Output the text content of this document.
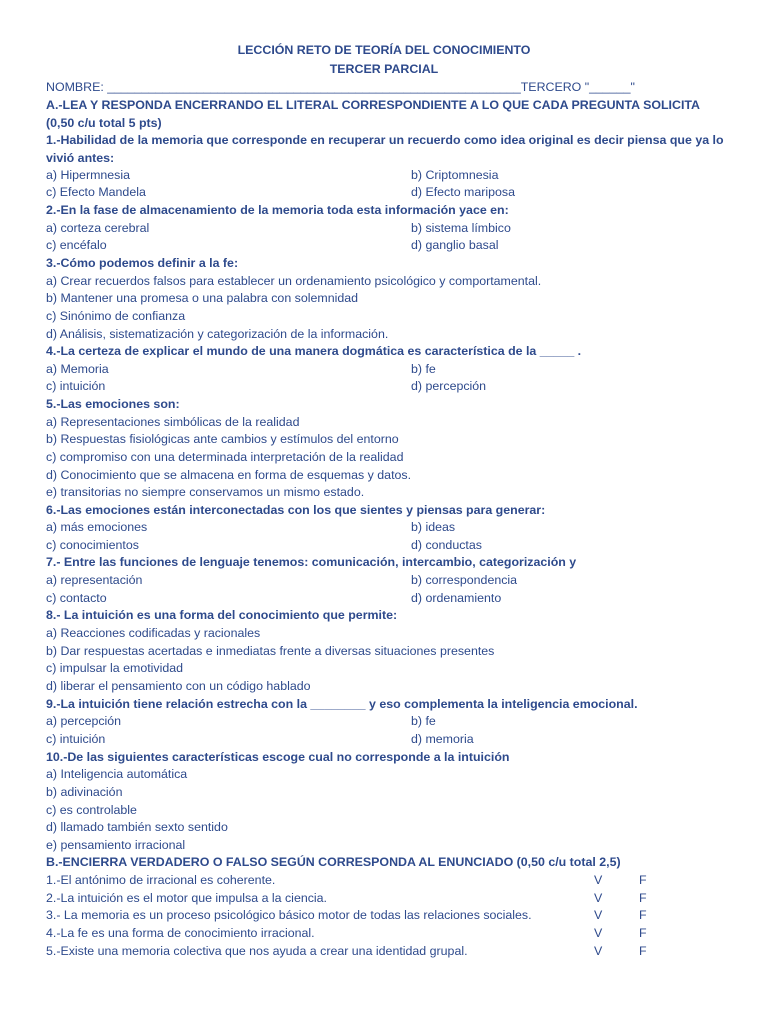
LECCIÓN RETO DE TEORÍA DEL CONOCIMIENTO
TERCER PARCIAL
NOMBRE: ____________________________________________________________TERCERO "______"
A.-LEA Y RESPONDA ENCERRANDO EL LITERAL CORRESPONDIENTE A LO QUE CADA PREGUNTA SOLICITA (0,50 c/u total 5 pts)
1.-Habilidad de la memoria que corresponde en recuperar un recuerdo como idea original es decir piensa que ya lo vivió antes:
a) Hipermnesia	b) Criptomnesia
c) Efecto Mandela	d) Efecto mariposa
2.-En la fase de almacenamiento de la memoria toda esta información yace en:
a) corteza cerebral	b) sistema límbico
c) encéfalo	d) ganglio basal
3.-Cómo podemos definir a la fe:
a) Crear recuerdos falsos para establecer un ordenamiento psicológico y comportamental.
b) Mantener una promesa o una palabra con solemnidad
c) Sinónimo de confianza
d) Análisis, sistematización y categorización de la información.
4.-La certeza de explicar el mundo de una manera dogmática es característica de la _____ .
a) Memoria	b) fe
c) intuición	d) percepción
5.-Las emociones son:
a) Representaciones simbólicas de la realidad
b) Respuestas fisiológicas ante cambios y estímulos del entorno
c) compromiso con una determinada interpretación de la realidad
d) Conocimiento que se almacena en forma de esquemas y datos.
e) transitorias no siempre conservamos un mismo estado.
6.-Las emociones están interconectadas con los que sientes y piensas para generar:
a) más emociones	b) ideas
c) conocimientos	d) conductas
7.- Entre las funciones de lenguaje tenemos: comunicación, intercambio, categorización y
a) representación	b) correspondencia
c) contacto	d) ordenamiento
8.- La intuición es una forma del conocimiento que permite:
a) Reacciones codificadas y racionales
b) Dar respuestas acertadas e inmediatas frente a diversas situaciones presentes
c) impulsar la emotividad
d) liberar el pensamiento con un código hablado
9.-La intuición tiene relación estrecha con la ________ y eso complementa la inteligencia emocional.
a) percepción	b) fe
c) intuición	d) memoria
10.-De las siguientes características escoge cual no corresponde a la intuición
a) Inteligencia automática
b) adivinación
c) es controlable
d) llamado también sexto sentido
e) pensamiento irracional
B.-ENCIERRA VERDADERO O FALSO SEGÚN CORRESPONDA AL ENUNCIADO (0,50 c/u total 2,5)
1.-El antónimo de irracional es coherente.	V	F
2.-La intuición es el motor que impulsa a la ciencia.	V	F
3.- La memoria es un proceso psicológico básico motor de todas las relaciones sociales.	V	F
4.-La fe es una forma de conocimiento irracional.	V	F
5.-Existe una memoria colectiva que nos ayuda a crear una identidad grupal.	V	F
